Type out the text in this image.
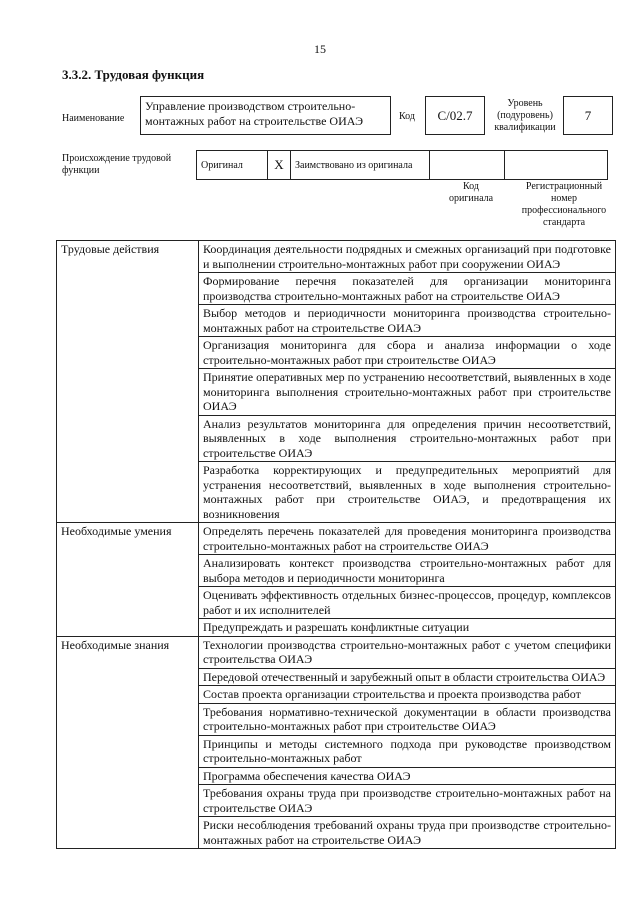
15
3.3.2. Трудовая функция
Наименование
Управление производством строительно-монтажных работ на строительстве ОИАЭ	Код C/02.7
Уровень
(подуровень)
квалификации
7
Происхождение трудовой
функции	Оригинал	X	Заимствовано из оригинала		
Код
оригинала
Регистрационный
номер
профессионального
стандарта
Трудовые действия	Координация деятельности подрядных и смежных организаций при подготовке и выполнении строительно-монтажных работ при сооружении ОИАЭ
	Формирование перечня показателей для организации мониторинга производства строительно-монтажных работ на строительстве ОИАЭ
	Выбор методов и периодичности мониторинга производства строительно-монтажных работ на строительстве ОИАЭ
	Организация мониторинга для сбора и анализа информации о ходе строительно-монтажных работ при строительстве ОИАЭ
	Принятие оперативных мер по устранению несоответствий, выявленных в ходе мониторинга выполнения строительно-монтажных работ при строительстве ОИАЭ
	Анализ результатов мониторинга для определения причин несоответствий, выявленных в ходе выполнения строительно-монтажных работ при строительстве ОИАЭ
	Разработка корректирующих и предупредительных мероприятий для устранения несоответствий, выявленных в ходе выполнения строительно-монтажных работ при строительстве ОИАЭ, и предотвращения их возникновения
Необходимые умения	Определять перечень показателей для проведения мониторинга производства строительно-монтажных работ на строительстве ОИАЭ
	Анализировать контекст производства строительно-монтажных работ для выбора методов и периодичности мониторинга
	Оценивать эффективность отдельных бизнес-процессов, процедур, комплексов работ и их исполнителей
	Предупреждать и разрешать конфликтные ситуации
Необходимые знания	Технологии производства строительно-монтажных работ с учетом специфики строительства ОИАЭ
	Передовой отечественный и зарубежный опыт в области строительства ОИАЭ
	Состав проекта организации строительства и проекта производства работ
	Требования нормативно-технической документации в области производства строительно-монтажных работ при строительстве ОИАЭ
	Принципы и методы системного подхода при руководстве производством строительно-монтажных работ
	Программа обеспечения качества ОИАЭ
	Требования охраны труда при производстве строительно-монтажных работ на строительстве ОИАЭ
	Риски несоблюдения требований охраны труда при производстве строительно-монтажных работ на строительстве ОИАЭ
